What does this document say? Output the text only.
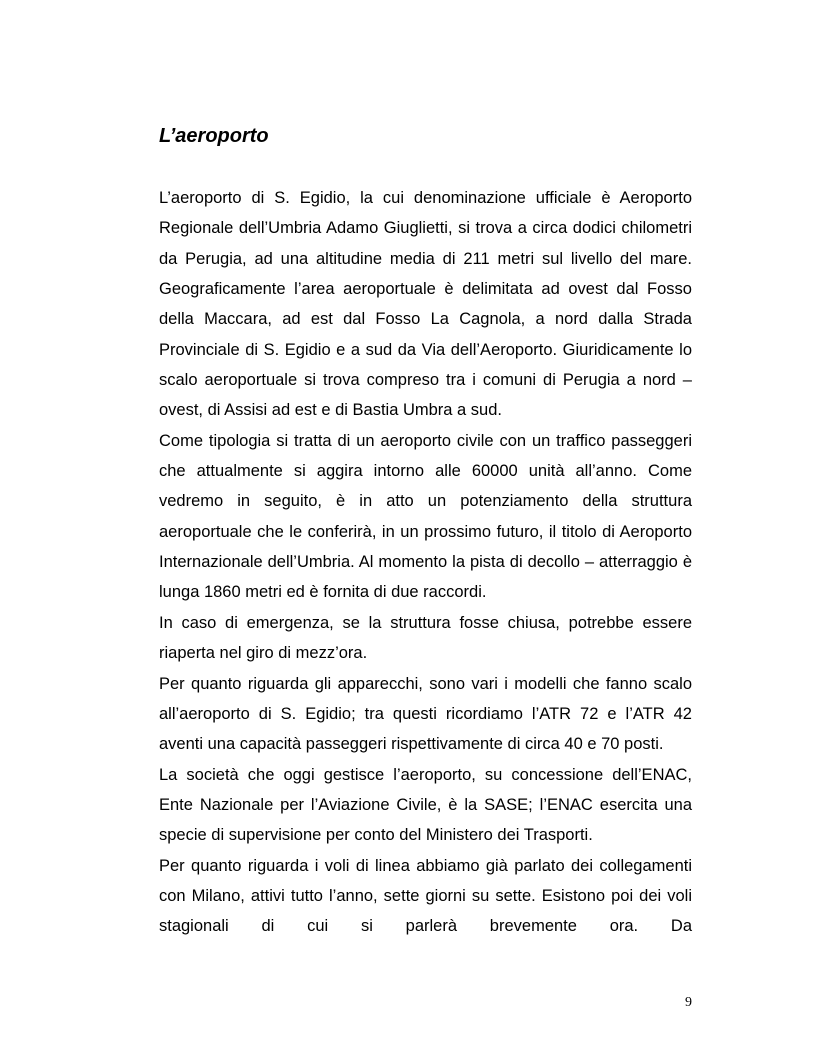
L’aeroporto

L’aeroporto di S. Egidio, la cui denominazione ufficiale è Aeroporto Regionale dell’Umbria Adamo Giuglietti, si trova a circa dodici chilometri da Perugia, ad una altitudine media di 211 metri sul livello del mare. Geograficamente l’area aeroportuale è delimitata ad ovest dal Fosso della Maccara, ad est dal Fosso La Cagnola, a nord dalla Strada Provinciale di S. Egidio e a sud da Via dell’Aeroporto. Giuridicamente lo scalo aeroportuale si trova compreso tra i comuni di Perugia a nord – ovest, di Assisi ad est e di Bastia Umbra a sud.

Come tipologia si tratta di un aeroporto civile con un traffico passeggeri che attualmente si aggira intorno alle 60000 unità all’anno. Come vedremo in seguito, è in atto un potenziamento della struttura aeroportuale che le conferirà, in un prossimo futuro, il titolo di Aeroporto Internazionale dell’Umbria. Al momento la pista di decollo – atterraggio è lunga 1860 metri ed è fornita di due raccordi.

In caso di emergenza, se la struttura fosse chiusa, potrebbe essere riaperta nel giro di mezz’ora.

Per quanto riguarda gli apparecchi, sono vari i modelli che fanno scalo all’aeroporto di S. Egidio; tra questi ricordiamo l’ATR 72 e l’ATR 42 aventi una capacità passeggeri rispettivamente di circa 40 e 70 posti.

La società che oggi gestisce l’aeroporto, su concessione dell’ENAC, Ente Nazionale per l’Aviazione Civile, è la SASE; l’ENAC esercita una specie di supervisione per conto del Ministero dei Trasporti.

Per quanto riguarda i voli di linea abbiamo già parlato dei collegamenti con Milano, attivi tutto l’anno, sette giorni su sette. Esistono poi dei voli stagionali di cui si parlerà brevemente ora. Da

9
